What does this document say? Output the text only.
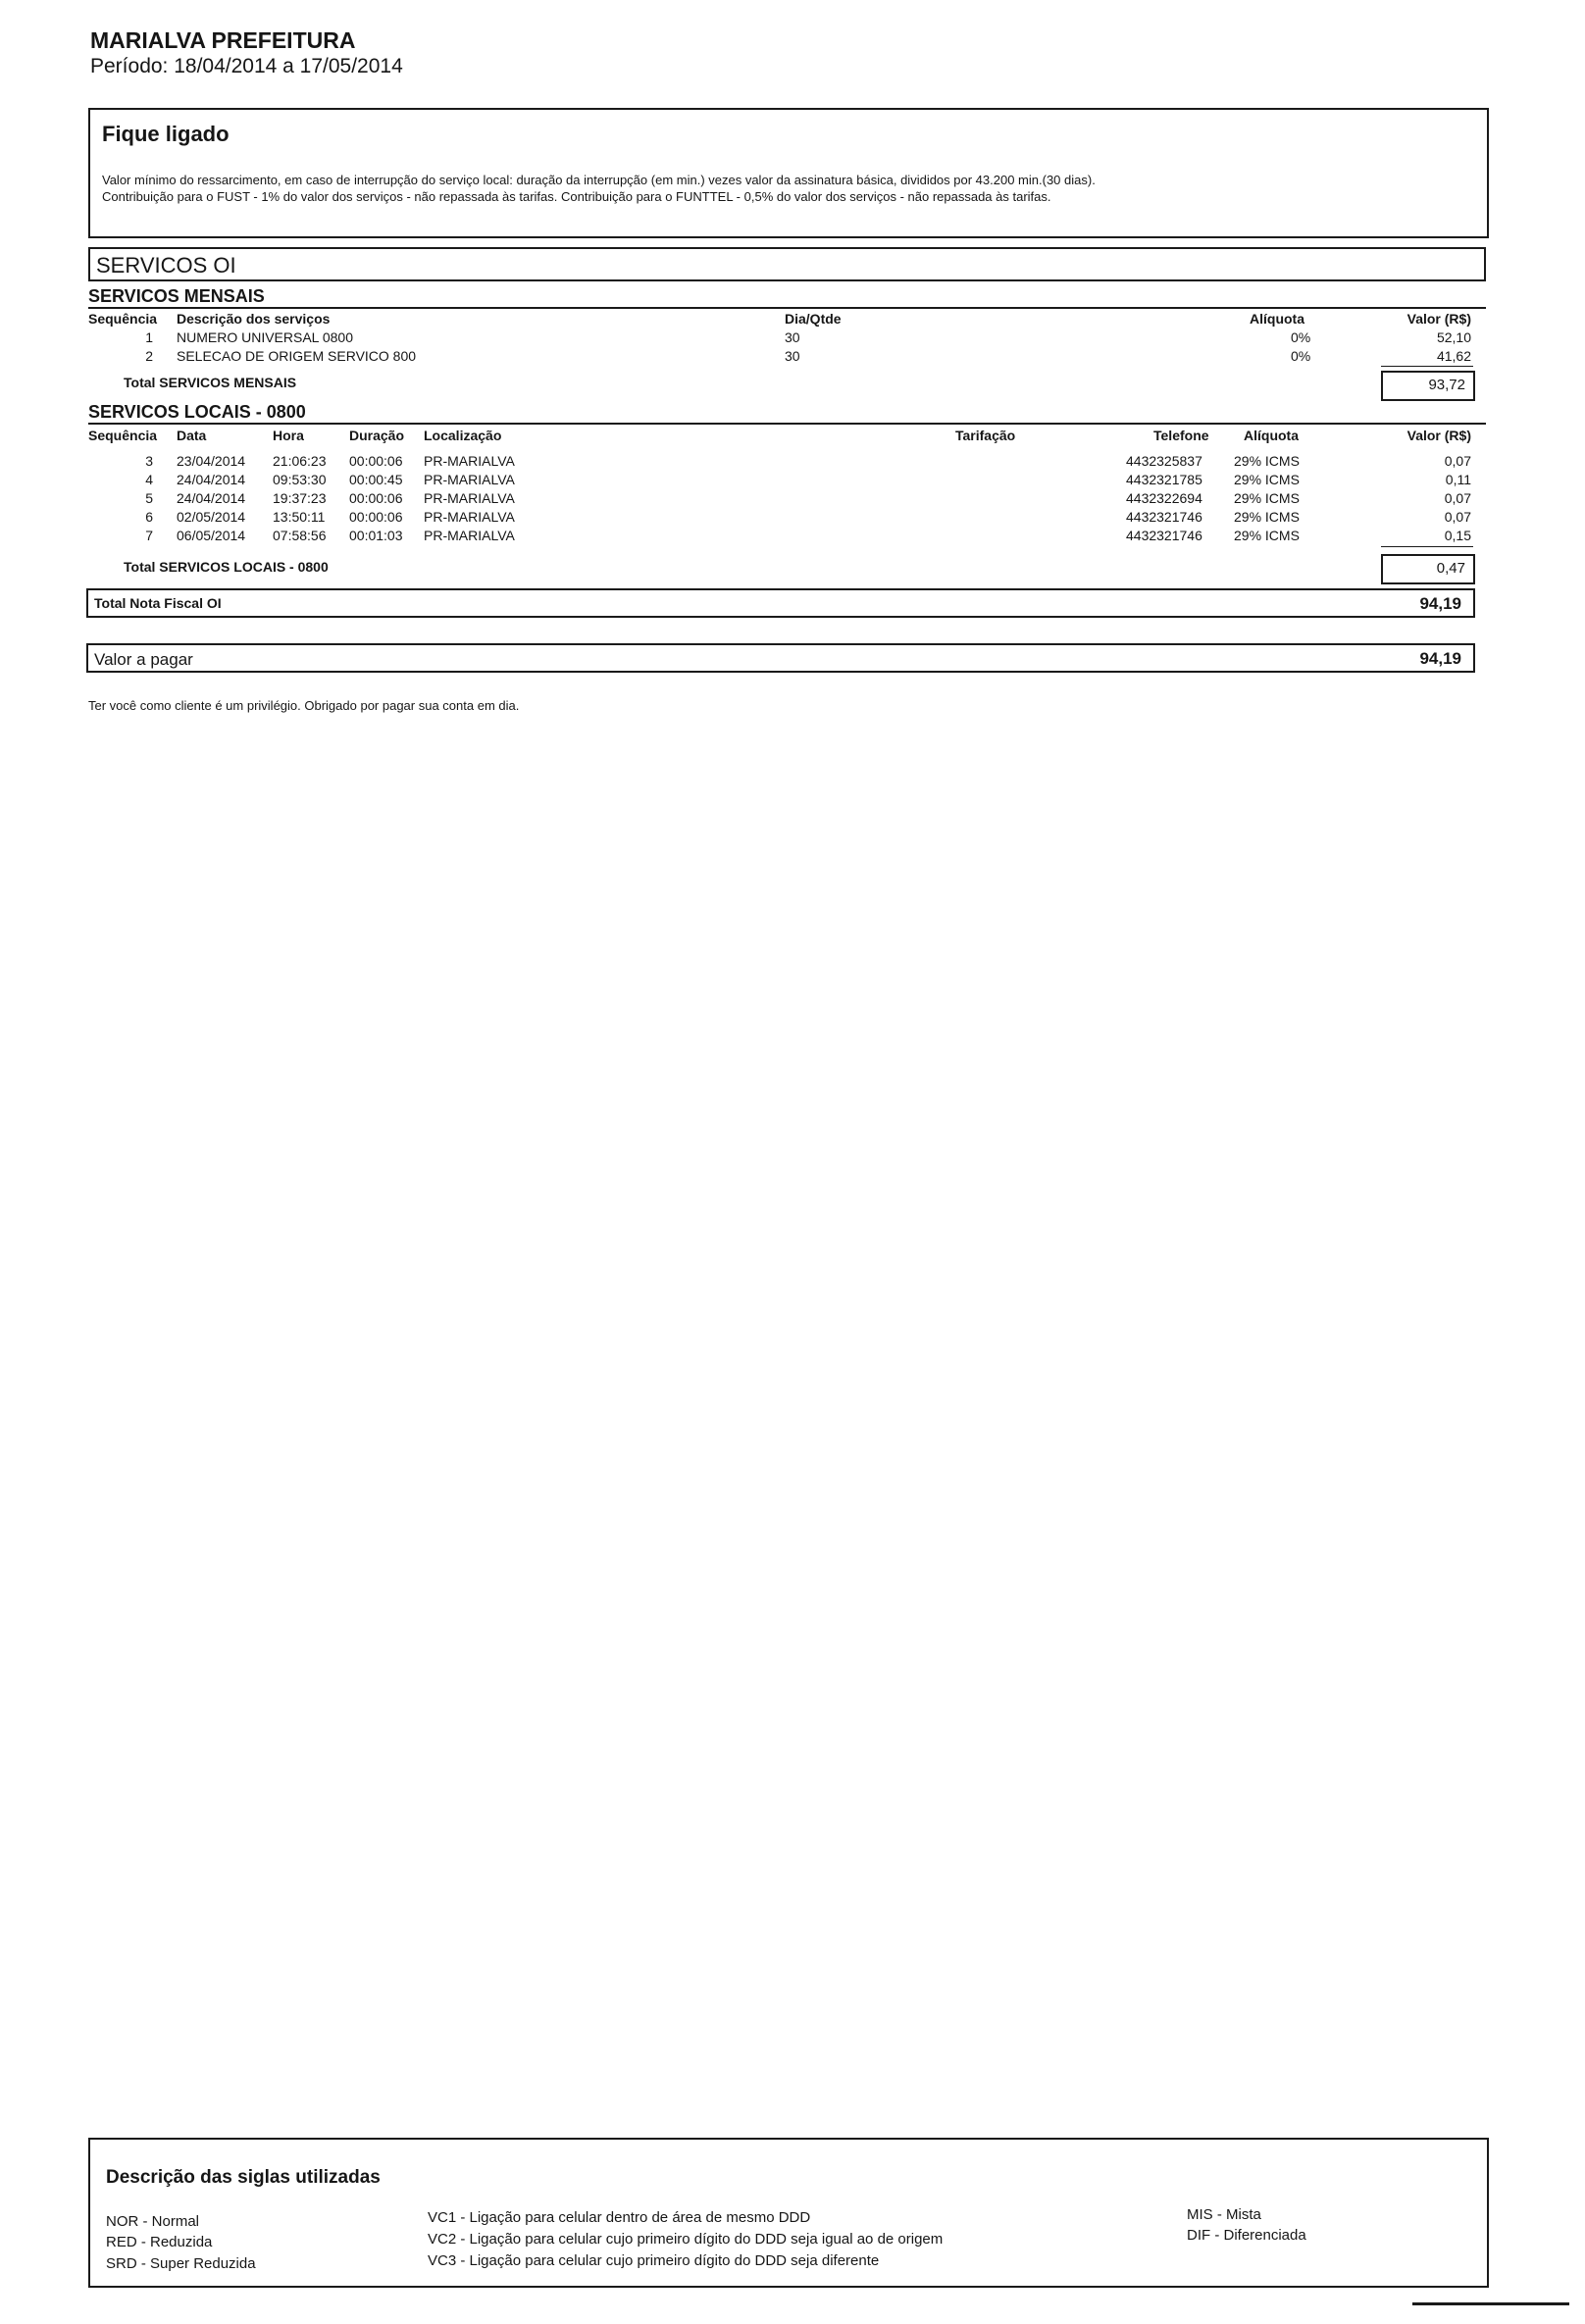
MARIALVA PREFEITURA
Período: 18/04/2014 a 17/05/2014
Fique ligado

Valor mínimo do ressarcimento, em caso de interrupção do serviço local: duração da interrupção (em min.) vezes valor da assinatura básica, divididos por 43.200 min.(30 dias).

Contribuição para o FUST - 1% do valor dos serviços - não repassada às tarifas. Contribuição para o FUNTTEL - 0,5% do valor dos serviços - não repassada às tarifas.

SERVICOS OI
SERVICOS MENSAIS
Sequência Descrição dos serviços	Dia/Qtde	Alíquota	Valor (R$)
1 NUMERO UNIVERSAL 0800	30	0%	52,10
2 SELECAO DE ORIGEM SERVICO 800	30	0%	41,62
Total SERVICOS MENSAIS	93,72
SERVICOS LOCAIS - 0800
Sequência Data	Hora	Duração Localização	Tarifação	Telefone	Alíquota	Valor (R$)
3 23/04/2014 21:06:23 00:00:06 PR-MARIALVA	4432325837 29% ICMS	0,07
4 24/04/2014 09:53:30 00:00:45 PR-MARIALVA	4432321785 29% ICMS	0,11
5 24/04/2014 19:37:23 00:00:06 PR-MARIALVA	4432322694 29% ICMS	0,07
6 02/05/2014 13:50:11 00:00:06 PR-MARIALVA	4432321746 29% ICMS	0,07
7 06/05/2014 07:58:56 00:01:03 PR-MARIALVA	4432321746 29% ICMS	0,15
Total SERVICOS LOCAIS - 0800	0,47
Total Nota Fiscal OI	94,19
Valor a pagar	94,19
Ter você como cliente é um privilégio. Obrigado por pagar sua conta em dia.
Descrição das siglas utilizadas
NOR - Normal
RED - Reduzida
SRD - Super Reduzida
VC1 - Ligação para celular dentro de área de mesmo DDD
VC2 - Ligação para celular cujo primeiro dígito do DDD seja igual ao de origem
VC3 - Ligação para celular cujo primeiro dígito do DDD seja diferente
MIS - Mista
DIF - Diferenciada
